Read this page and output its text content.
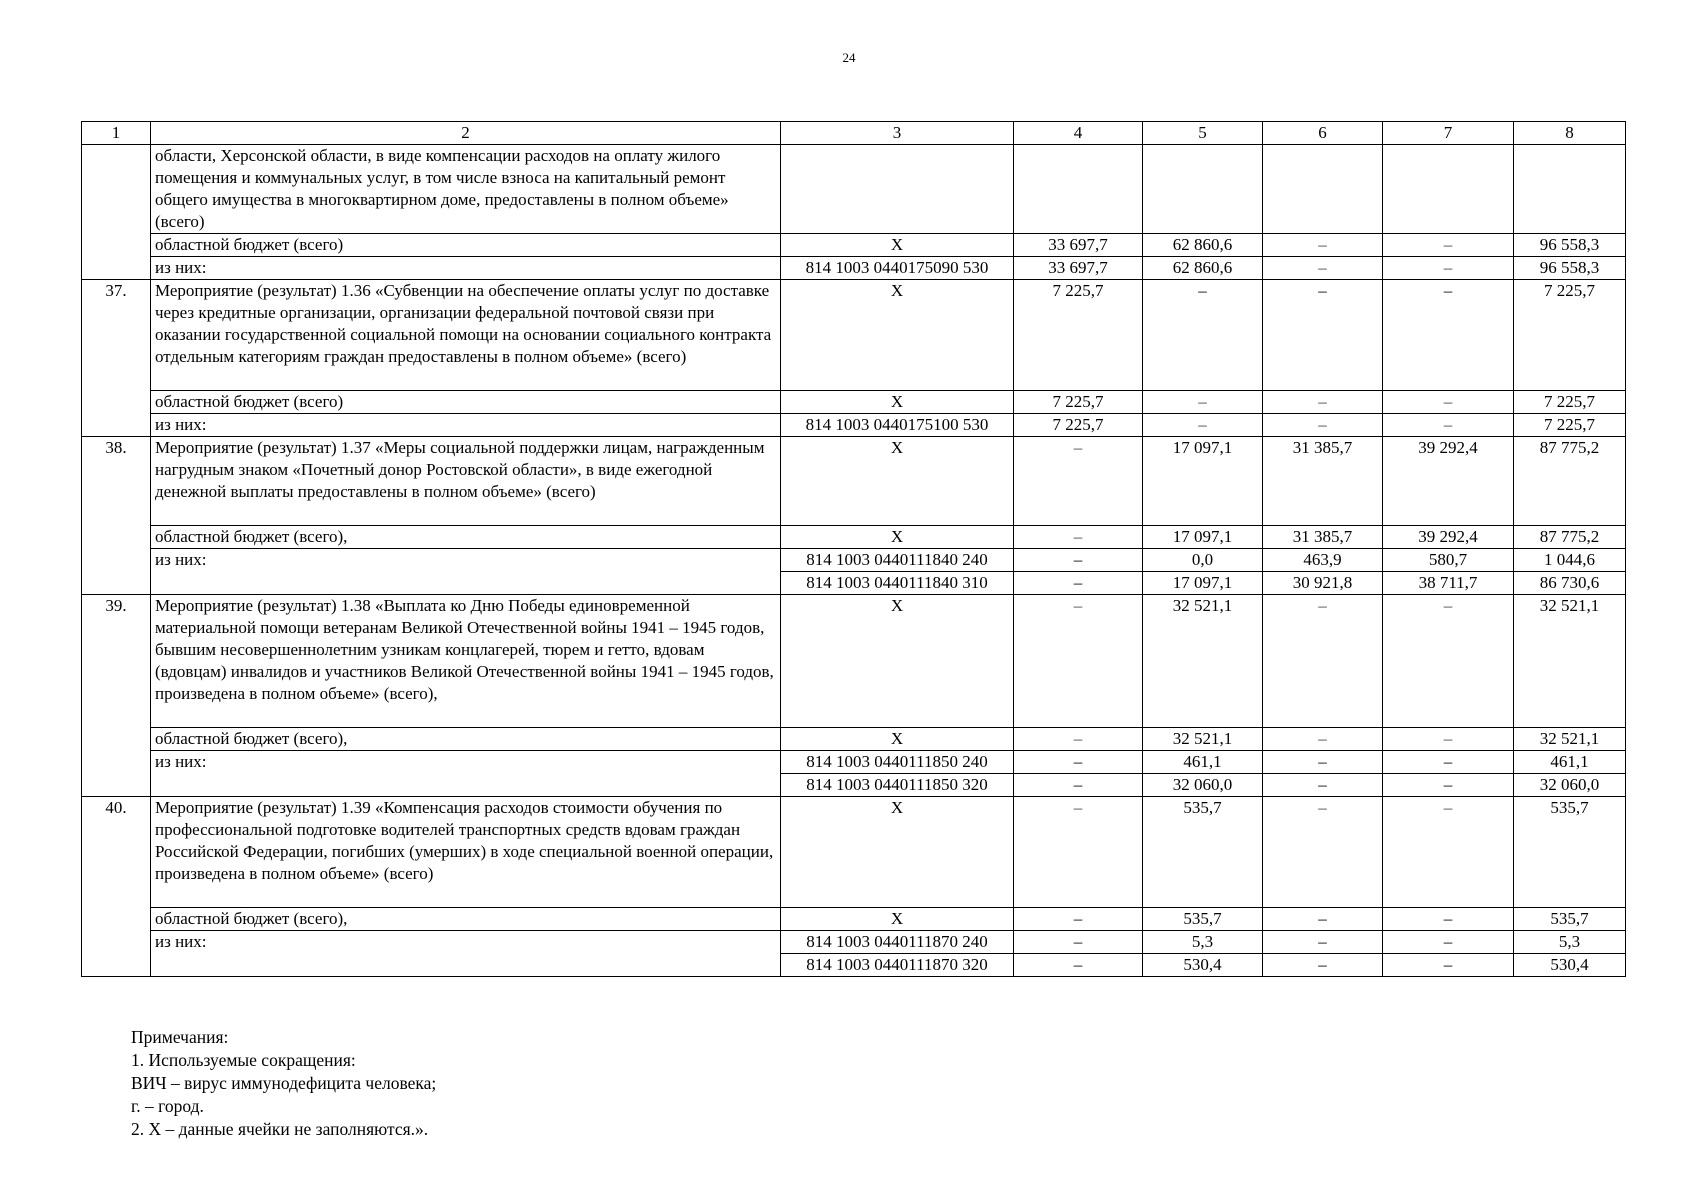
24
1	2	3	4	5	6	7	8
	области, Херсонской области, в виде компенсации расходов на оплату жилого помещения и коммунальных услуг, в том числе взноса на капитальный ремонт общего имущества в многоквартирном доме, предоставлены в полном объеме» (всего)						
	областной бюджет (всего)	X	33 697,7	62 860,6	–	–	96 558,3
	из них:	814 1003 0440175090 530	33 697,7	62 860,6	–	–	96 558,3
37.	Мероприятие (результат) 1.36 «Субвенции на обеспечение оплаты услуг по доставке через кредитные организации, организации федеральной почтовой связи при оказании государственной социальной помощи на основании социального контракта отдельным категориям граждан предоставлены в полном объеме» (всего)	X	7 225,7	–	–	–	7 225,7
	областной бюджет (всего)	X	7 225,7	–	–	–	7 225,7
	из них:	814 1003 0440175100 530	7 225,7	–	–	–	7 225,7
38.	Мероприятие (результат) 1.37 «Меры социальной поддержки лицам, награжденным нагрудным знаком «Почетный донор Ростовской области», в виде ежегодной денежной выплаты предоставлены в полном объеме» (всего)	X	–	17 097,1	31 385,7	39 292,4	87 775,2
	областной бюджет (всего),	X	–	17 097,1	31 385,7	39 292,4	87 775,2
	из них:	814 1003 0440111840 240	–	0,0	463,9	580,7	1 044,6
		814 1003 0440111840 310	–	17 097,1	30 921,8	38 711,7	86 730,6
39.	Мероприятие (результат) 1.38 «Выплата ко Дню Победы единовременной материальной помощи ветеранам Великой Отечественной войны 1941 – 1945 годов, бывшим несовершеннолетним узникам концлагерей, тюрем и гетто, вдовам (вдовцам) инвалидов и участников Великой Отечественной войны 1941 – 1945 годов, произведена в полном объеме» (всего),	X	–	32 521,1	–	–	32 521,1
	областной бюджет (всего),	X	–	32 521,1	–	–	32 521,1
	из них:	814 1003 0440111850 240	–	461,1	–	–	461,1
		814 1003 0440111850 320	–	32 060,0	–	–	32 060,0
40.	Мероприятие (результат) 1.39 «Компенсация расходов стоимости обучения по профессиональной подготовке водителей транспортных средств вдовам граждан Российской Федерации, погибших (умерших) в ходе специальной военной операции, произведена в полном объеме» (всего)	X	–	535,7	–	–	535,7
	областной бюджет (всего),	X	–	535,7	–	–	535,7
	из них:	814 1003 0440111870 240	–	5,3	–	–	5,3
		814 1003 0440111870 320	–	530,4	–	–	530,4
Примечания:
1. Используемые сокращения:
ВИЧ – вирус иммунодефицита человека;
г. – город.
2. X – данные ячейки не заполняются.».
